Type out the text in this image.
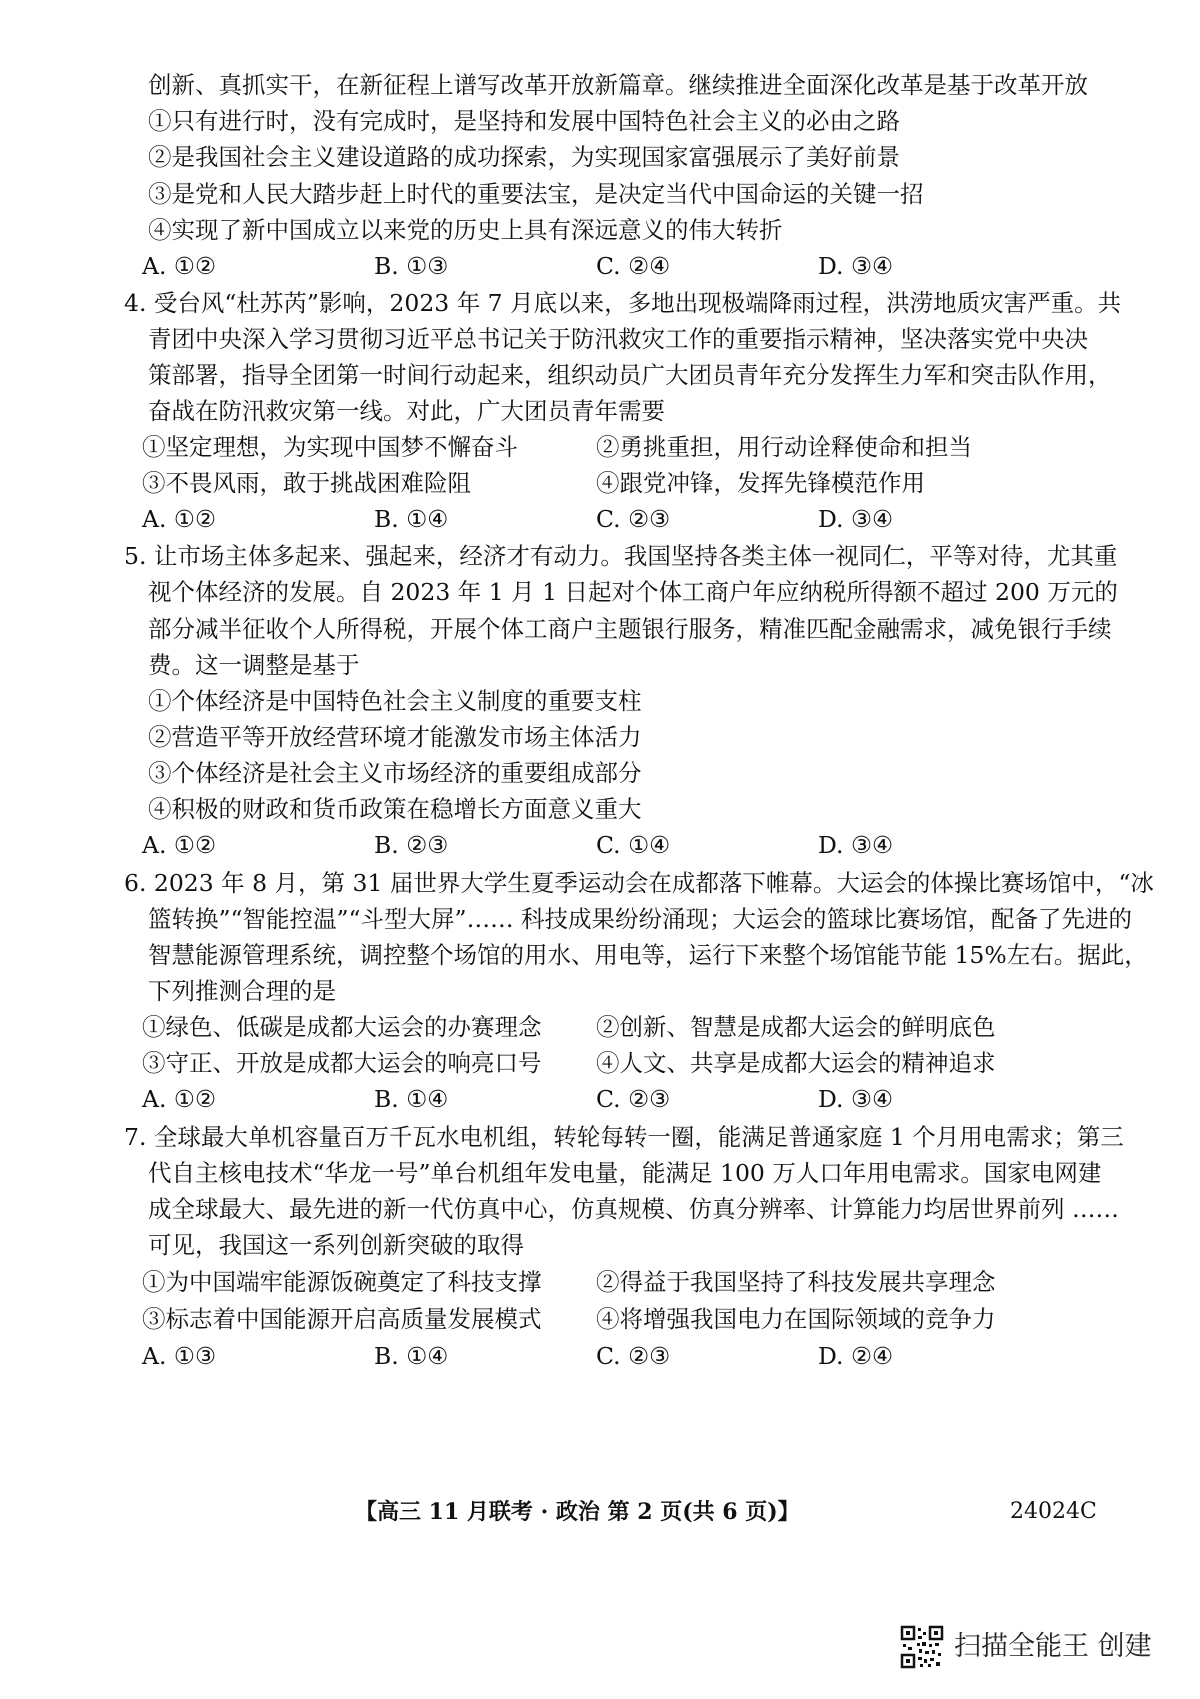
创新、真抓实干，在新征程上谱写改革开放新篇章。继续推进全面深化改革是基于改革开放
①只有进行时，没有完成时，是坚持和发展中国特色社会主义的必由之路
②是我国社会主义建设道路的成功探索，为实现国家富强展示了美好前景
③是党和人民大踏步赶上时代的重要法宝，是决定当代中国命运的关键一招
④实现了新中国成立以来党的历史上具有深远意义的伟大转折
A. ①②	B. ①③	C. ②④	D. ③④
4. 受台风“杜苏芮”影响，2023 年 7 月底以来，多地出现极端降雨过程，洪涝地质灾害严重。共
青团中央深入学习贯彻习近平总书记关于防汛救灾工作的重要指示精神，坚决落实党中央决
策部署，指导全团第一时间行动起来，组织动员广大团员青年充分发挥生力军和突击队作用，
奋战在防汛救灾第一线。对此，广大团员青年需要
①坚定理想，为实现中国梦不懈奋斗	②勇挑重担，用行动诠释使命和担当
③不畏风雨，敢于挑战困难险阻	④跟党冲锋，发挥先锋模范作用
A. ①②	B. ①④	C. ②③	D. ③④
5. 让市场主体多起来、强起来，经济才有动力。我国坚持各类主体一视同仁，平等对待，尤其重
视个体经济的发展。自 2023 年 1 月 1 日起对个体工商户年应纳税所得额不超过 200 万元的
部分减半征收个人所得税，开展个体工商户主题银行服务，精准匹配金融需求，减免银行手续
费。这一调整是基于
①个体经济是中国特色社会主义制度的重要支柱
②营造平等开放经营环境才能激发市场主体活力
③个体经济是社会主义市场经济的重要组成部分
④积极的财政和货币政策在稳增长方面意义重大
A. ①②	B. ②③	C. ①④	D. ③④
6. 2023 年 8 月，第 31 届世界大学生夏季运动会在成都落下帷幕。大运会的体操比赛场馆中，“冰
篮转换”“智能控温”“斗型大屏”…… 科技成果纷纷涌现；大运会的篮球比赛场馆，配备了先进的
智慧能源管理系统，调控整个场馆的用水、用电等，运行下来整个场馆能节能 15%左右。据此，
下列推测合理的是
①绿色、低碳是成都大运会的办赛理念 ②创新、智慧是成都大运会的鲜明底色
③守正、开放是成都大运会的响亮口号 ④人文、共享是成都大运会的精神追求
A. ①②	B. ①④	C. ②③	D. ③④
7. 全球最大单机容量百万千瓦水电机组，转轮每转一圈，能满足普通家庭 1 个月用电需求；第三
代自主核电技术“华龙一号”单台机组年发电量，能满足 100 万人口年用电需求。国家电网建
成全球最大、最先进的新一代仿真中心，仿真规模、仿真分辨率、计算能力均居世界前列 ……
可见，我国这一系列创新突破的取得
①为中国端牢能源饭碗奠定了科技支撑 ②得益于我国坚持了科技发展共享理念
③标志着中国能源开启高质量发展模式 ④将增强我国电力在国际领域的竞争力
A. ①③	B. ①④	C. ②③	D. ②④
【高三 11 月联考 · 政治 第 2 页(共 6 页)】	24024C
扫描全能王 创建
